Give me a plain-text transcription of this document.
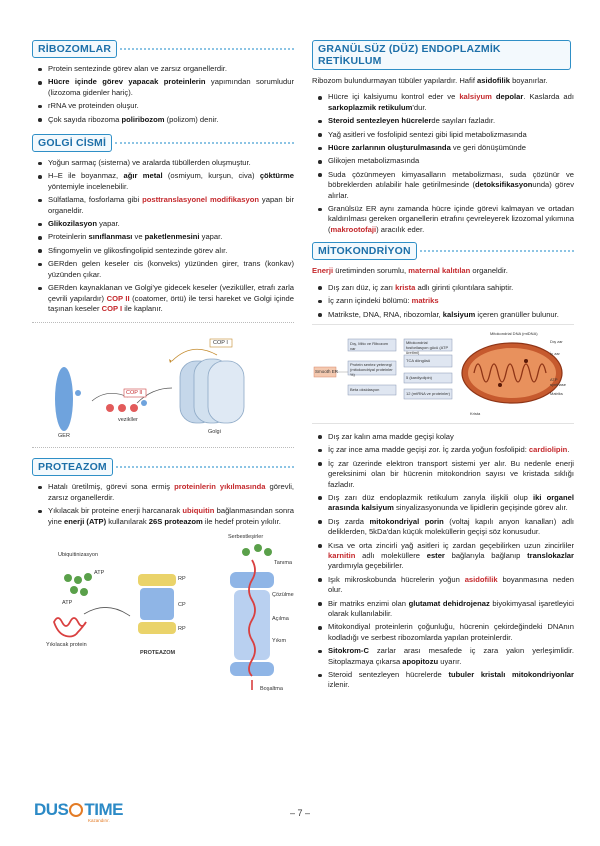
RİBOZOMLAR
Protein sentezinde görev alan ve zarsız organellerdir.
Hücre içinde görev yapacak proteinlerin yapımından sorumludur (lizozoma gidenler hariç).
rRNA ve proteinden oluşur.
Çok sayıda ribozoma poliribozom (polizom) denir.
GOLGİ CİSMİ
Yoğun sarmaç (sisterna) ve aralarda tübüllerden oluşmuştur.
H–E ile boyanmaz, ağır metal (osmiyum, kurşun, civa) çöktürme yöntemiyle incelenebilir.
Sülfatlama, fosforlama gibi posttranslasyonel modifikasyon yapan bir organeldir.
Glikozilasyon yapar.
Proteinlerin sınıflanması ve paketlenmesini yapar.
Sfingomyelin ve glikosfingolipid sentezinde görev alır.
GERden gelen keseler cis (konveks) yüzünden girer, trans (konkav) yüzünden çıkar.
GERden kaynaklanan ve Golgi'ye gidecek keseler (veziküller, etrafı zarla çevrili yapılardır) COP II (coatomer, örtü) ile tersi hareket ve Golgi içinde taşınan keseler COP I ile kaplanır.
COP I
COP II
vezikller
GER
Golgi
PROTEAZOM
Hatalı üretilmiş, görevi sona ermiş proteinlerin yıkılmasında görevli, zarsız organellerdir.
Yıkılacak bir proteine enerji harcanarak ubiquitin bağlanmasından sonra yine enerji (ATP) kullanılarak 26S proteazom ile hedef protein yıkılır.
Ubiquitinizasyon
ATP
ATP
Yıkılacak protein
PROTEAZOM
RP
CP
RP
Serbestleşirler
Tanıma
Çözülme
Açılma
Yıkım
Boşaltma
GRANÜLSÜZ (DÜZ) ENDOPLAZMİK RETİKULUM

Ribozom bulundurmayan tübüler yapılardır. Hafif asidofilik boyanırlar.

Hücre içi kalsiyumu kontrol eder ve kalsiyum depolar. Kaslarda adı sarkoplazmik retikulum'dur.
Steroid sentezleyen hücrelerde sayıları fazladır.
Yağ asitleri ve fosfolipid sentezi gibi lipid metabolizmasında
Hücre zarlarının oluşturulmasında ve geri dönüşümünde
Glikojen metabolizmasında
Suda çözünmeyen kimyasalların metabolizması, suda çözünür ve böbreklerden atılabilir hale getirilmesinde (detoksifikasyonunda) görev alırlar.
Granülsüz ER aynı zamanda hücre içinde görevi kalmayan ve ortadan kaldırılması gereken organellerin etrafını çevreleyerek lizozomal yıkımına (makrootofaji) aracılık eder.
MİTOKONDRİYON

Enerji üretiminden sorumlu, maternal kalıtılan organeldir.

Dış zarı düz, iç zarı krista adlı girinti çıkıntılara sahiptir.
İç zarın içindeki bölümü: matriks
Matrikste, DNA, RNA, ribozomlar, kalsiyum içeren granüller bulunur.
Smooth ER
Dış, Mito ve Ribozom var
Protein sentez yetenegi (mitokondriyal proteinler %)
Beta oksidasyon
Mitokondrial fosforilasyon gücü (ATP üretimi)
TCA döngüsü
5 (kardiyolipin)
12 (mtRNA ve proteinler)
Mitokondrial DNA (mtDNA)
Dış zar
İç zar
ATP synthase
Matriks
Krista
Dış zar kalın ama madde geçişi kolay
İç zar ince ama madde geçişi zor. İç zarda yoğun fosfolipid: cardiolipin.
İç zar üzerinde elektron transport sistemi yer alır. Bu nedenle enerji gereksinimi olan bir hücrenin mitokondrion sayısı ve kristada sıklığı fazladır.
Dış zarı düz endoplazmik retikulum zarıyla ilişkili olup iki organel arasında kalsiyum sinyalizasyonunda ve lipidlerin geçişinde görev alır.
Dış zarda mitokondriyal porin (voltaj kapılı anyon kanalları) adlı deliklerden, 5kDa'dan küçük moleküllerin geçişi söz konusudur.
Kısa ve orta zincirli yağ asitleri iç zardan geçebilirken uzun zincirliler karnitin adlı moleküllere ester bağlarıyla bağlanıp translokazlar yardımıyla geçebilirler.
Işık mikroskobunda hücrelerin yoğun asidofilik boyanmasına neden olur.
Bir matriks enzimi olan glutamat dehidrojenaz biyokimyasal işaretleyici olarak kullanılabilir.
Mitokondiyal proteinlerin çoğunluğu, hücrenin çekirdeğindeki DNAnın kodladığı ve serbest ribozomlarda yapılan proteinlerdir.
Sitokrom-C zarlar arası mesafede iç zara yakın yerleşimlidir. Sitoplazmaya çıkarsa apopitozu uyarır.
Steroid sentezleyen hücrelerde tubuler kristalı mitokondriyonlar izlenir.
DUS TIME
Kazandırır.
– 7 –
